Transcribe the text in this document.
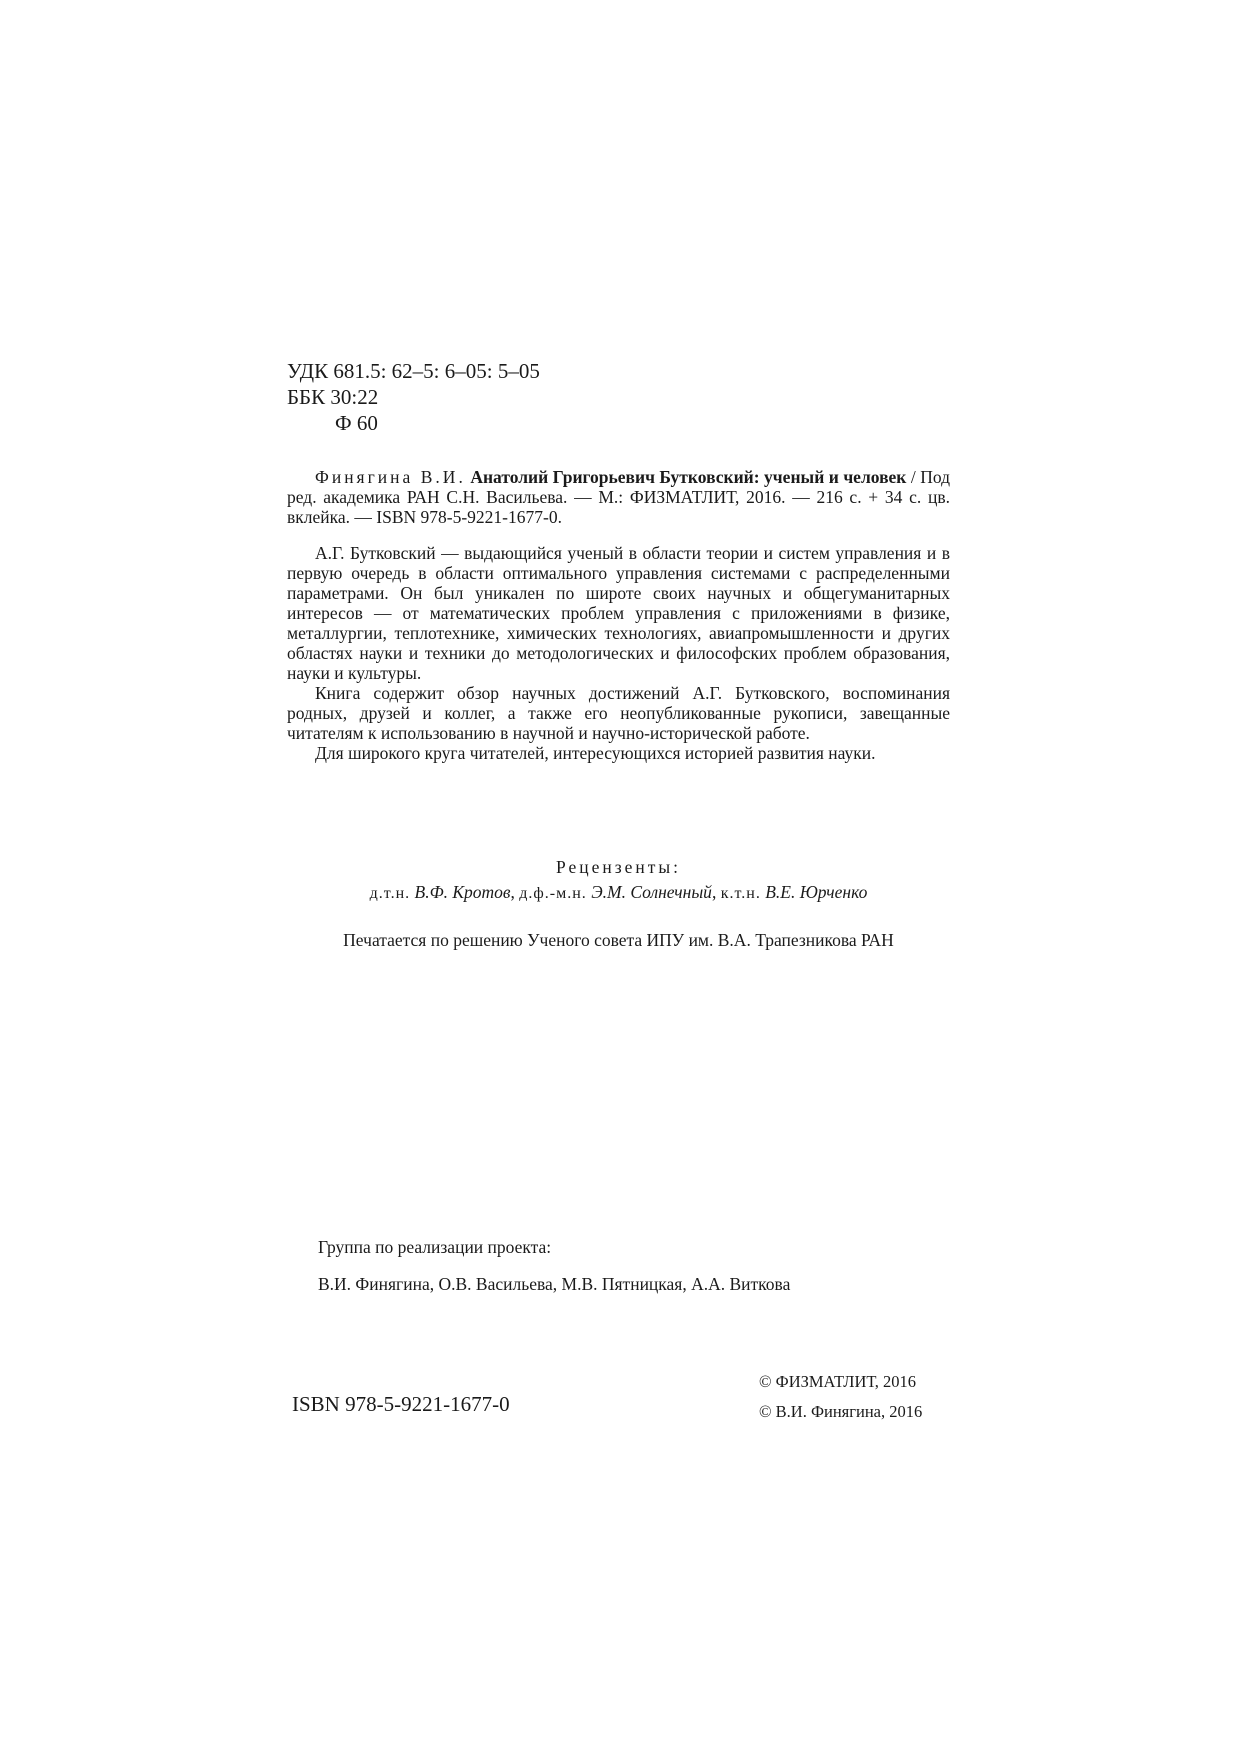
УДК 681.5: 62–5: 6–05: 5–05
ББК 30:22
Ф 60

Финягина В.И. Анатолий Григорьевич Бутковский: ученый и человек / Под ред. академика РАН С.Н. Васильева. — М.: ФИЗМАТЛИТ, 2016. — 216 с. + 34 с. цв. вклейка. — ISBN 978-5-9221-1677-0.

А.Г. Бутковский — выдающийся ученый в области теории и систем управления и в первую очередь в области оптимального управления системами с распределенными параметрами. Он был уникален по широте своих научных и общегуманитарных интересов — от математических проблем управления с приложениями в физике, металлургии, теплотехнике, химических технологиях, авиапромышленности и других областях науки и техники до методологических и философских проблем образования, науки и культуры.

Книга содержит обзор научных достижений А.Г. Бутковского, воспоминания родных, друзей и коллег, а также его неопубликованные рукописи, завещанные читателям к использованию в научной и научно-исторической работе.

Для широкого круга читателей, интересующихся историей развития науки.

Рецензенты:
д.т.н. В.Ф. Кротов, д.ф.-м.н. Э.М. Солнечный, к.т.н. В.Е. Юрченко
Печатается по решению Ученого совета ИПУ им. В.А. Трапезникова РАН
Группа по реализации проекта:
В.И. Финягина, О.В. Васильева, М.В. Пятницкая, А.А. Виткова
ISBN 978-5-9221-1677-0
© ФИЗМАТЛИТ, 2016
© В.И. Финягина, 2016
